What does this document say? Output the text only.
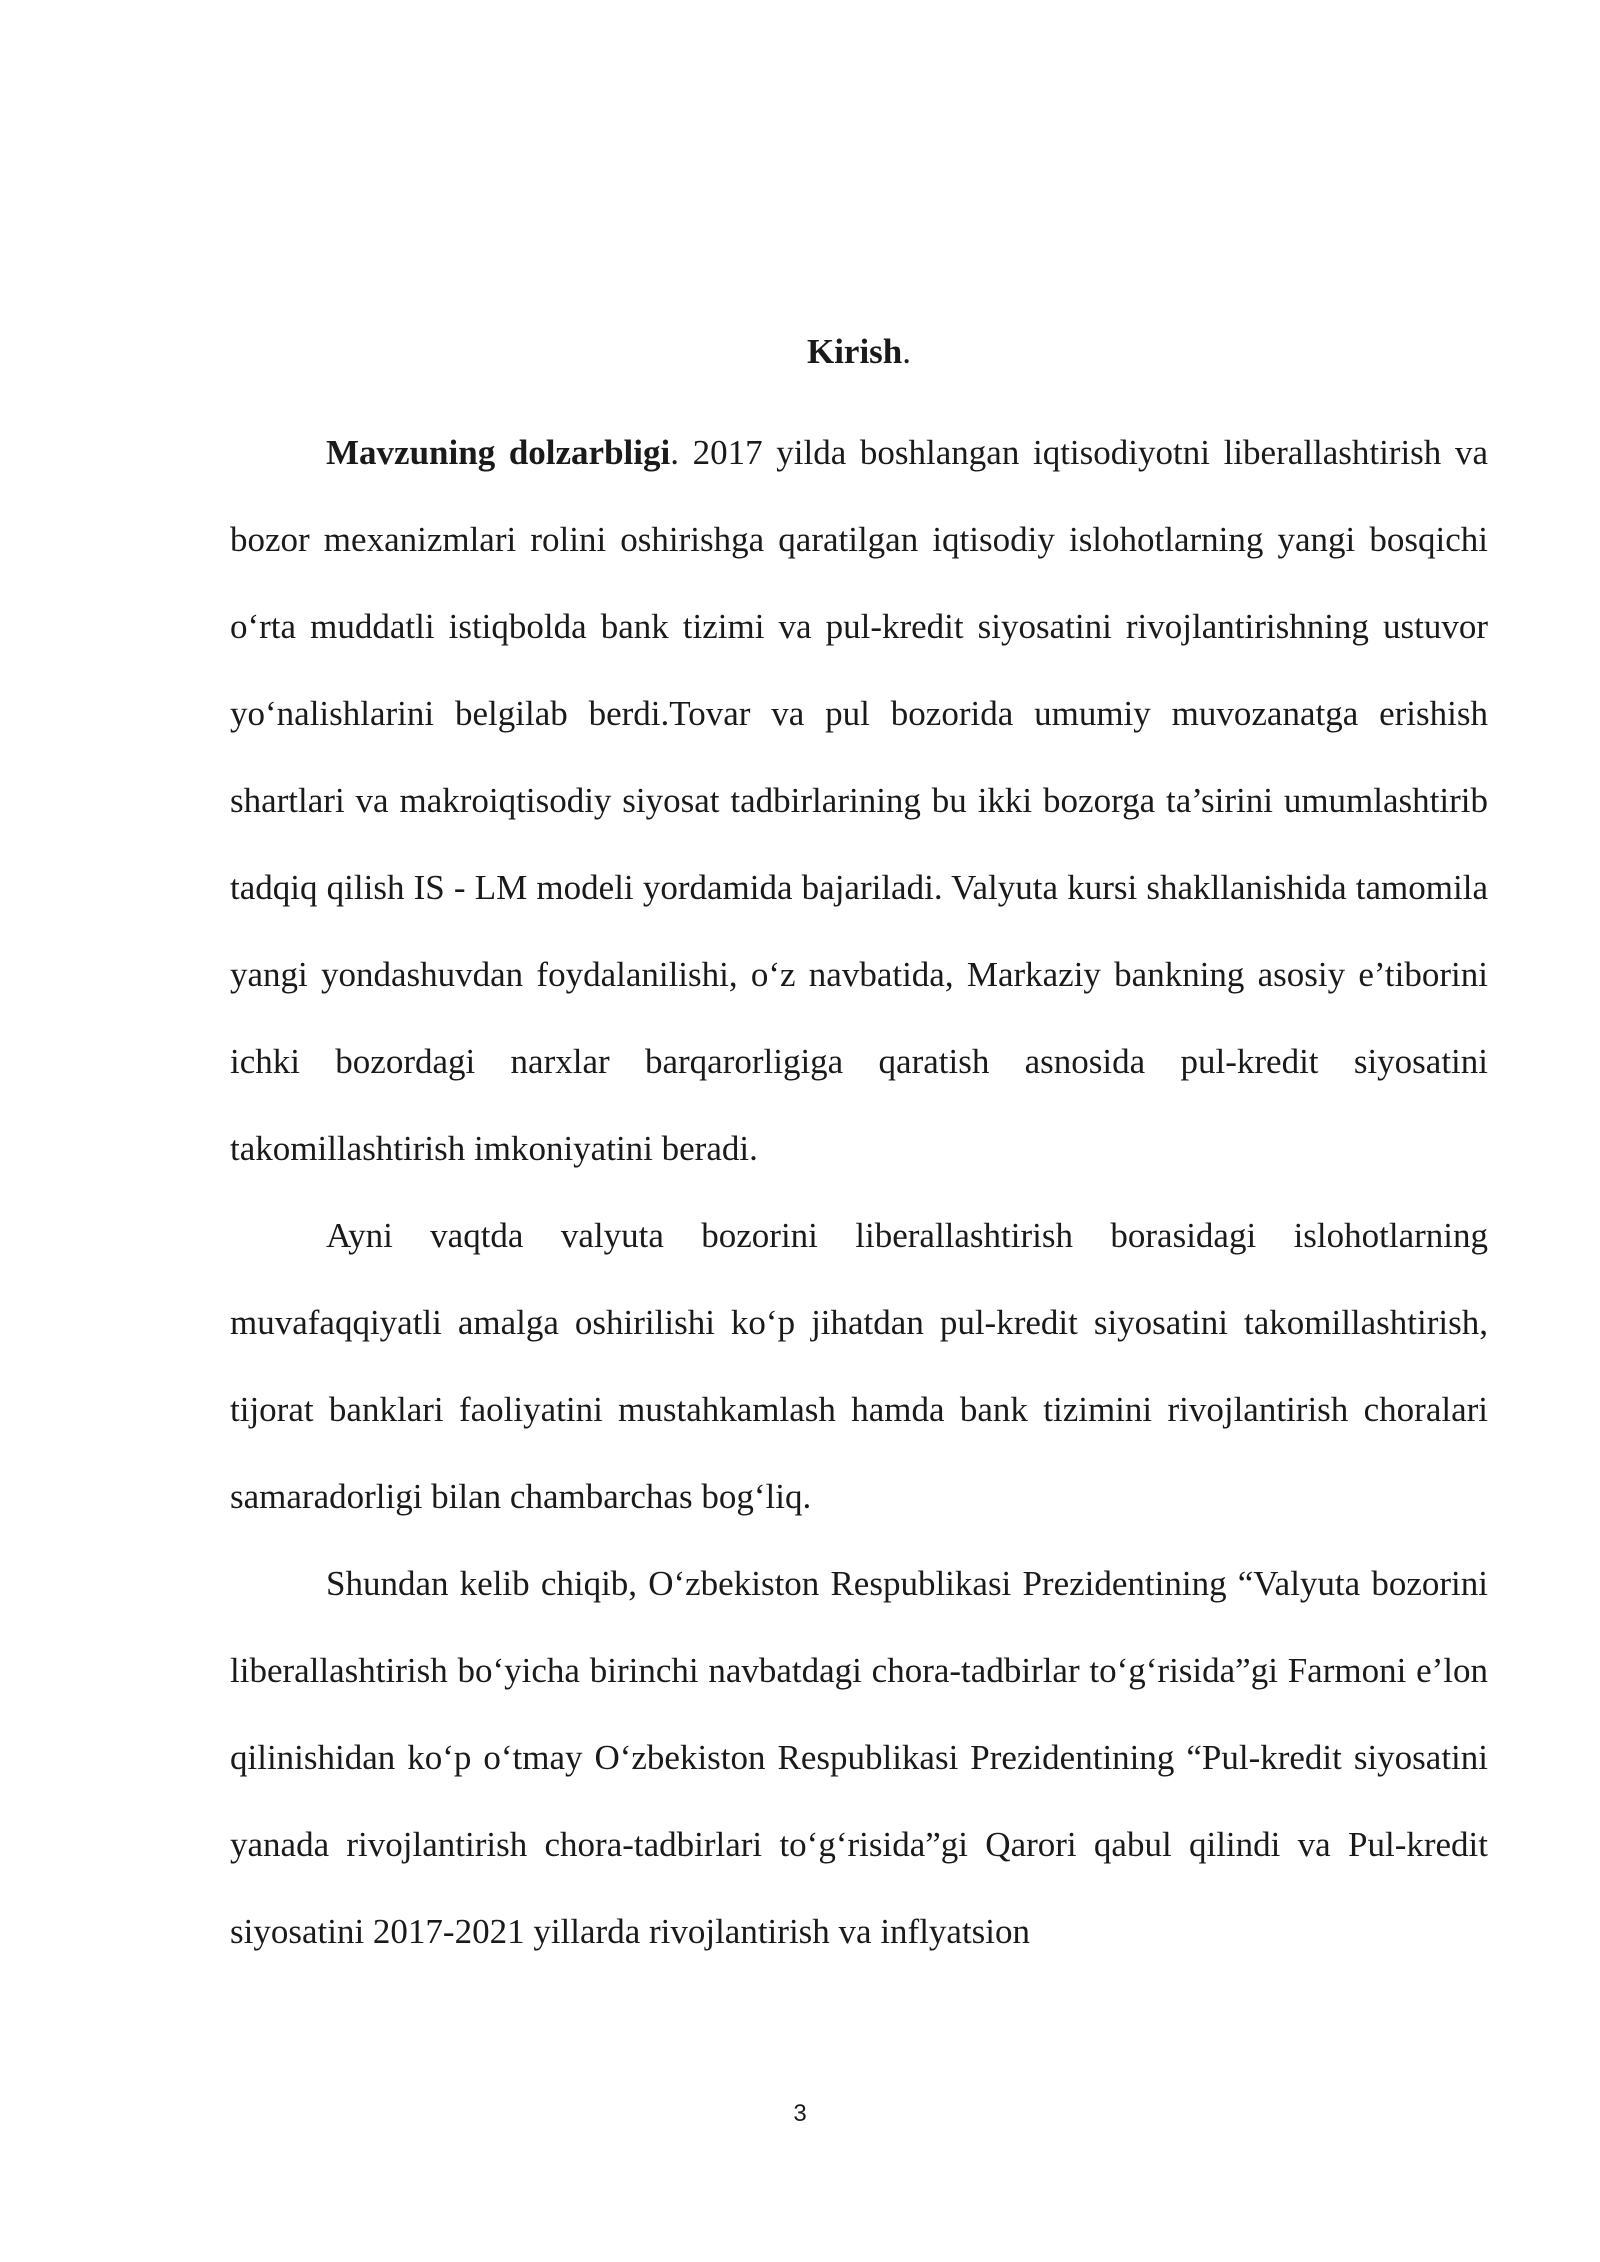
Kirish.

Mavzuning dolzarbligi. 2017 yilda boshlangan iqtisodiyotni liberallashtirish va bozor mexanizmlari rolini oshirishga qaratilgan iqtisodiy islohotlarning yangi bosqichi o‘rta muddatli istiqbolda bank tizimi va pul-kredit siyosatini rivojlantirishning ustuvor yo‘nalishlarini belgilab berdi.Tovar va pul bozorida umumiy muvozanatga erishish shartlari va makroiqtisodiy siyosat tadbirlarining bu ikki bozorga ta’sirini umumlashtirib tadqiq qilish IS - LM modeli yordamida bajariladi. Valyuta kursi shakllanishida tamomila yangi yondashuvdan foydalanilishi, o‘z navbatida, Markaziy bankning asosiy e’tiborini ichki bozordagi narxlar barqarorligiga qaratish asnosida pul-kredit siyosatini takomillashtirish imkoniyatini beradi.

Ayni vaqtda valyuta bozorini liberallashtirish borasidagi islohotlarning muvafaqqiyatli amalga oshirilishi ko‘p jihatdan pul-kredit siyosatini takomillashtirish, tijorat banklari faoliyatini mustahkamlash hamda bank tizimini rivojlantirish choralari samaradorligi bilan chambarchas bog‘liq.

Shundan kelib chiqib, O‘zbekiston Respublikasi Prezidentining “Valyuta bozorini liberallashtirish bo‘yicha birinchi navbatdagi chora-tadbirlar to‘g‘risida”gi Farmoni e’lon qilinishidan ko‘p o‘tmay O‘zbekiston Respublikasi Prezidentining “Pul-kredit siyosatini yanada rivojlantirish chora-tadbirlari to‘g‘risida”gi Qarori qabul qilindi va Pul-kredit siyosatini 2017-2021 yillarda rivojlantirish va inflyatsion

3
